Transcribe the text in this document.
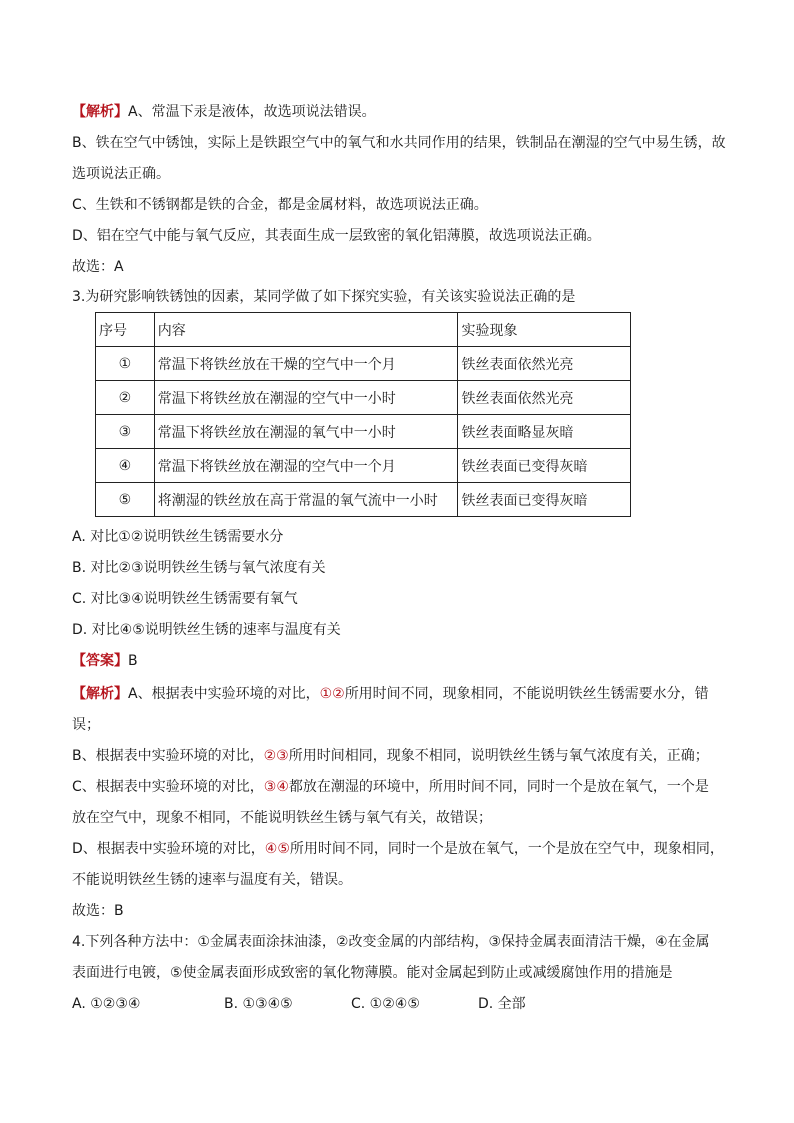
【解析】A、常温下汞是液体，故选项说法错误。
B、铁在空气中锈蚀，实际上是铁跟空气中的氧气和水共同作用的结果，铁制品在潮湿的空气中易生锈，故
选项说法正确。
C、生铁和不锈钢都是铁的合金，都是金属材料，故选项说法正确。
D、铝在空气中能与氧气反应，其表面生成一层致密的氧化铝薄膜，故选项说法正确。
故选：A
3.为研究影响铁锈蚀的因素，某同学做了如下探究实验，有关该实验说法正确的是
序号	内容	实验现象
①	常温下将铁丝放在干燥的空气中一个月	铁丝表面依然光亮
②	常温下将铁丝放在潮湿的空气中一小时	铁丝表面依然光亮
③	常温下将铁丝放在潮湿的氧气中一小时	铁丝表面略显灰暗
④	常温下将铁丝放在潮湿的空气中一个月	铁丝表面已变得灰暗
⑤	将潮湿的铁丝放在高于常温的氧气流中一小时	铁丝表面已变得灰暗
A. 对比①②说明铁丝生锈需要水分
B. 对比②③说明铁丝生锈与氧气浓度有关
C. 对比③④说明铁丝生锈需要有氧气
D. 对比④⑤说明铁丝生锈的速率与温度有关
【答案】B
【解析】A、根据表中实验环境的对比，①②所用时间不同，现象相同，不能说明铁丝生锈需要水分，错
误；
B、根据表中实验环境的对比，②③所用时间相同，现象不相同，说明铁丝生锈与氧气浓度有关，正确；
C、根据表中实验环境的对比，③④都放在潮湿的环境中，所用时间不同，同时一个是放在氧气，一个是
放在空气中，现象不相同，不能说明铁丝生锈与氧气有关，故错误；
D、根据表中实验环境的对比，④⑤所用时间不同，同时一个是放在氧气，一个是放在空气中，现象相同，
不能说明铁丝生锈的速率与温度有关，错误。
故选：B
4.下列各种方法中：①金属表面涂抹油漆，②改变金属的内部结构，③保持金属表面清洁干燥，④在金属
表面进行电镀，⑤使金属表面形成致密的氧化物薄膜。能对金属起到防止或减缓腐蚀作用的措施是
A. ①②③④	B. ①③④⑤	C. ①②④⑤	D. 全部
